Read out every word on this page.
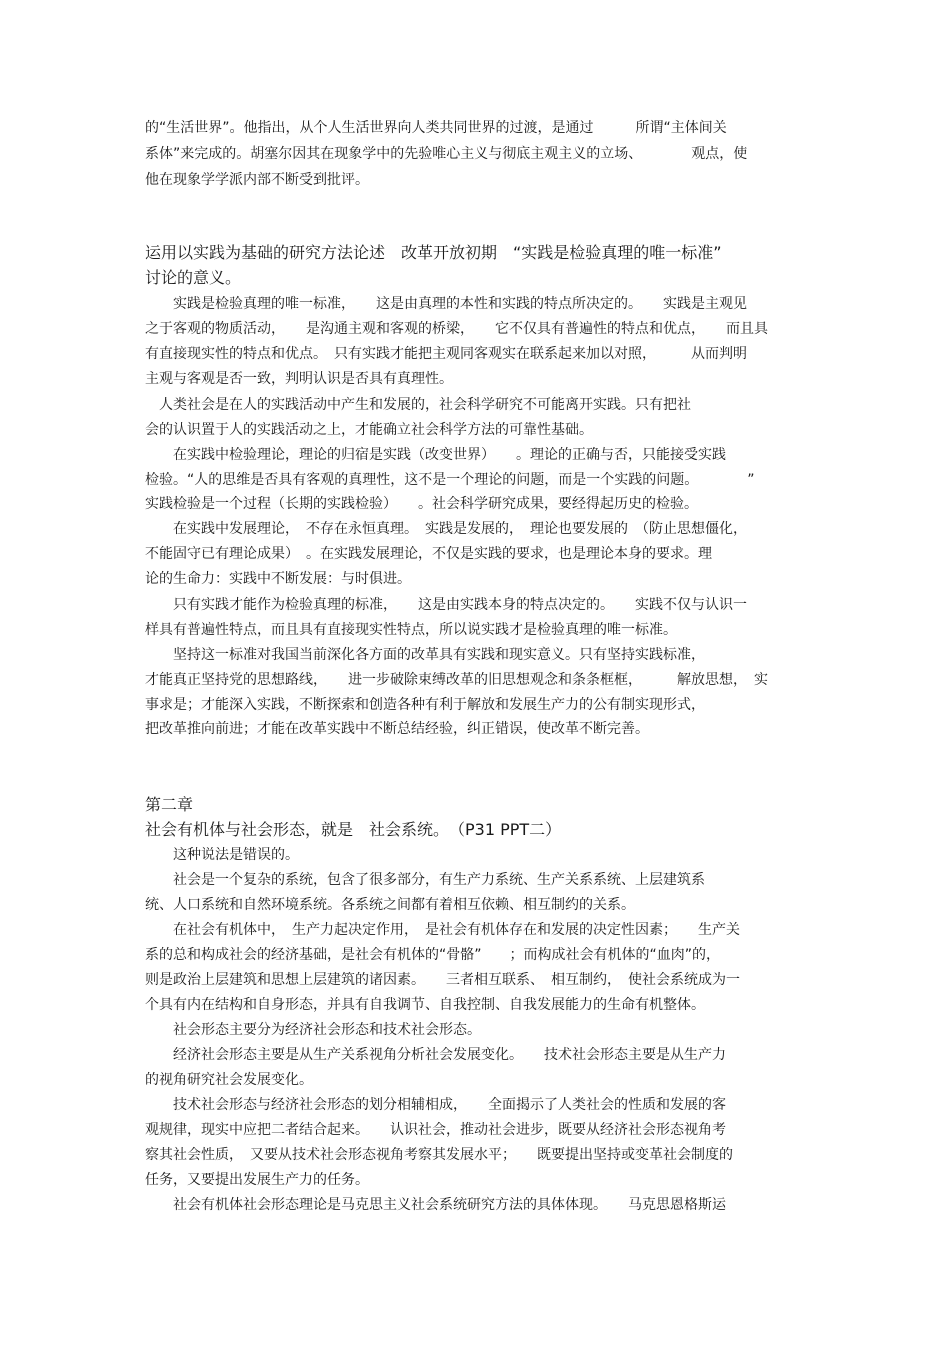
的“生活世界”。他指出，从个人生活世界向人类共同世界的过渡，是通过　　　所谓“主体间关
系体”来完成的。胡塞尔因其在现象学中的先验唯心主义与彻底主观主义的立场、　　　　观点，使
他在现象学学派内部不断受到批评。
运用以实践为基础的研究方法论述　改革开放初期　“实践是检验真理的唯一标准”
讨论的意义。
　　实践是检验真理的唯一标准，　　这是由真理的本性和实践的特点所决定的。　　实践是主观见
之于客观的物质活动，　　是沟通主观和客观的桥梁，　　它不仅具有普遍性的特点和优点，　　而且具
有直接现实性的特点和优点。　只有实践才能把主观同客观实在联系起来加以对照，　　　从而判明
主观与客观是否一致，判明认识是否具有真理性。
　人类社会是在人的实践活动中产生和发展的，社会科学研究不可能离开实践。只有把社
会的认识置于人的实践活动之上，才能确立社会科学方法的可靠性基础。
　　在实践中检验理论，理论的归宿是实践（改变世界）　　。理论的正确与否，只能接受实践
检验。“人的思维是否具有客观的真理性，这不是一个理论的问题，而是一个实践的问题。　　　　”
实践检验是一个过程（长期的实践检验）　　。社会科学研究成果，要经得起历史的检验。
　　在实践中发展理论，　不存在永恒真理。　实践是发展的，　理论也要发展的　（防止思想僵化，
不能固守已有理论成果）　。在实践发展理论，不仅是实践的要求，也是理论本身的要求。理
论的生命力：实践中不断发展：与时俱进。
　　只有实践才能作为检验真理的标准，　　这是由实践本身的特点决定的。　　实践不仅与认识一
样具有普遍性特点，而且具有直接现实性特点，所以说实践才是检验真理的唯一标准。
　　坚持这一标准对我国当前深化各方面的改革具有实践和现实意义。只有坚持实践标准，
才能真正坚持党的思想路线，　　进一步破除束缚改革的旧思想观念和条条框框，　　　解放思想，　实
事求是；才能深入实践，不断探索和创造各种有利于解放和发展生产力的公有制实现形式，
把改革推向前进；才能在改革实践中不断总结经验，纠正错误，使改革不断完善。
第二章
社会有机体与社会形态，就是　社会系统。　（P31 PPT二）
　　这种说法是错误的。
　　社会是一个复杂的系统，包含了很多部分，有生产力系统、生产关系系统、上层建筑系
统、人口系统和自然环境系统。各系统之间都有着相互依赖、相互制约的关系。
　　在社会有机体中，　生产力起决定作用，　是社会有机体存在和发展的决定性因素；　　生产关
系的总和构成社会的经济基础，是社会有机体的“骨骼”　　；而构成社会有机体的“血肉”的，
则是政治上层建筑和思想上层建筑的诸因素。　　三者相互联系、　相互制约，　使社会系统成为一
个具有内在结构和自身形态，并具有自我调节、自我控制、自我发展能力的生命有机整体。
　　社会形态主要分为经济社会形态和技术社会形态。
　　经济社会形态主要是从生产关系视角分析社会发展变化。　　技术社会形态主要是从生产力
的视角研究社会发展变化。
　　技术社会形态与经济社会形态的划分相辅相成，　　全面揭示了人类社会的性质和发展的客
观规律，现实中应把二者结合起来。　　认识社会，推动社会进步，既要从经济社会形态视角考
察其社会性质，　又要从技术社会形态视角考察其发展水平；　　既要提出坚持或变革社会制度的
任务，又要提出发展生产力的任务。
　　社会有机体社会形态理论是马克思主义社会系统研究方法的具体体现。　　马克思恩格斯运
